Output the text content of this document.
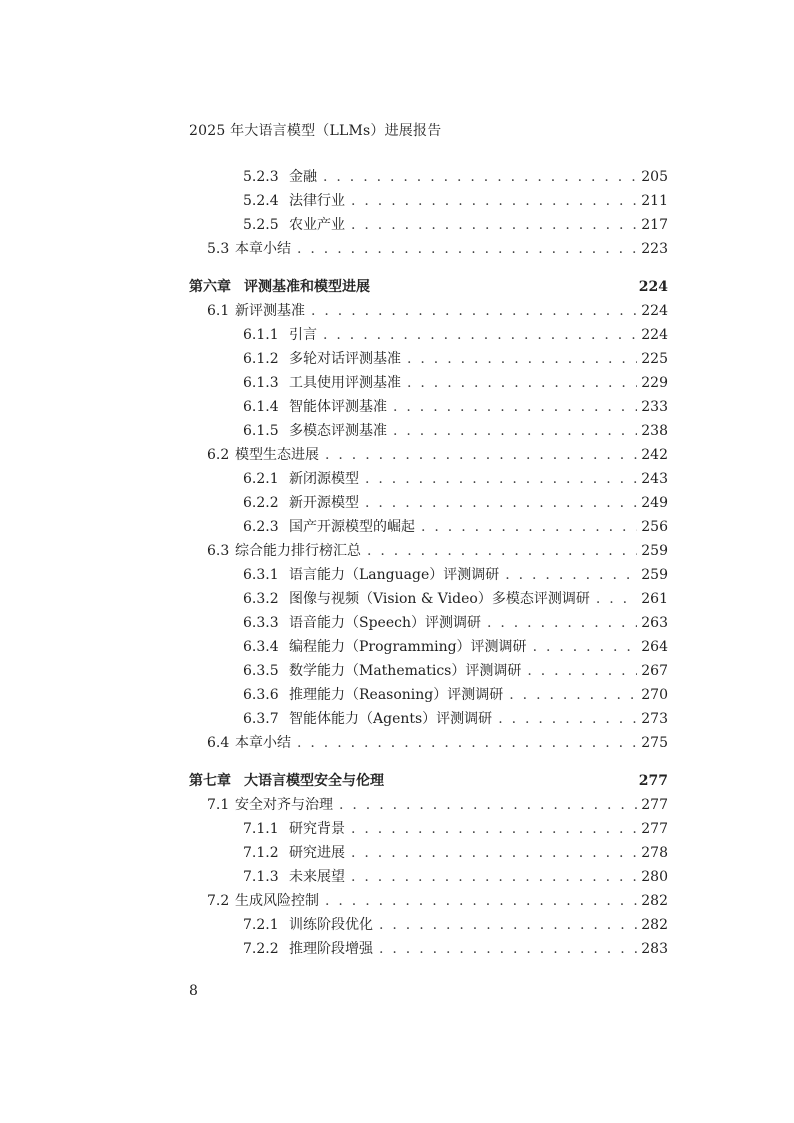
2025 年大语言模型（LLMs）进展报告
5.2.3 金融 . . .	205
5.2.4 法律行业 . . .	211
5.2.5 农业产业 . . .	217
5.3 本章小结 . . .	223
第六章 评测基准和模型进展	224
6.1 新评测基准 . . .	224
6.1.1 引言 . . .	224
6.1.2 多轮对话评测基准 . . .	225
6.1.3 工具使用评测基准 . . .	229
6.1.4 智能体评测基准 . . .	233
6.1.5 多模态评测基准 . . .	238
6.2 模型生态进展 . . .	242
6.2.1 新闭源模型 . . .	243
6.2.2 新开源模型 . . .	249
6.2.3 国产开源模型的崛起 . . .	256
6.3 综合能力排行榜汇总 . . .	259
6.3.1 语言能力（Language）评测调研 . . .	259
6.3.2 图像与视频（Vision & Video）多模态评测调研 . . .	261
6.3.3 语音能力（Speech）评测调研 . . .	263
6.3.4 编程能力（Programming）评测调研 . . .	264
6.3.5 数学能力（Mathematics）评测调研 . . .	267
6.3.6 推理能力（Reasoning）评测调研 . . .	270
6.3.7 智能体能力（Agents）评测调研 . . .	273
6.4 本章小结 . . .	275
第七章 大语言模型安全与伦理	277
7.1 安全对齐与治理 . . .	277
7.1.1 研究背景 . . .	277
7.1.2 研究进展 . . .	278
7.1.3 未来展望 . . .	280
7.2 生成风险控制 . . .	282
7.2.1 训练阶段优化 . . .	282
7.2.2 推理阶段增强 . . .	283
8
